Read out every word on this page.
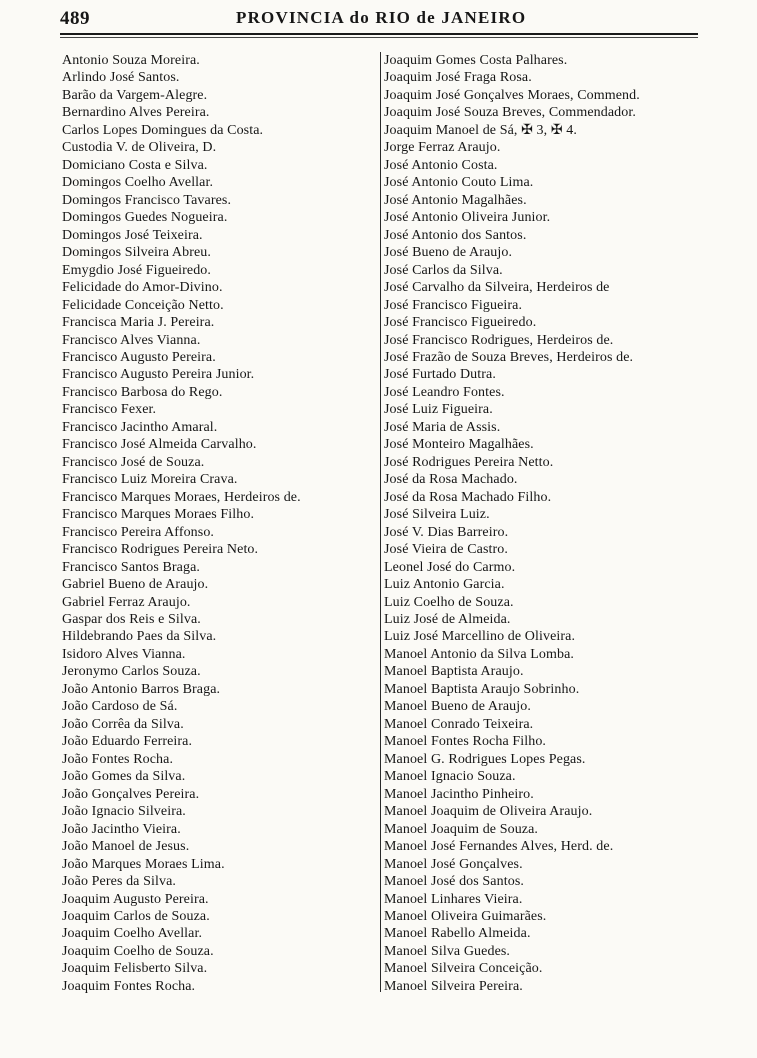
489	PROVINCIA do RIO de JANEIRO
Antonio Souza Moreira.
Arlindo José Santos.
Barão da Vargem-Alegre.
Bernardino Alves Pereira.
Carlos Lopes Domingues da Costa.
Custodia V. de Oliveira, D.
Domiciano Costa e Silva.
Domingos Coelho Avellar.
Domingos Francisco Tavares.
Domingos Guedes Nogueira.
Domingos José Teixeira.
Domingos Silveira Abreu.
Emygdio José Figueiredo.
Felicidade do Amor-Divino.
Felicidade Conceição Netto.
Francisca Maria J. Pereira.
Francisco Alves Vianna.
Francisco Augusto Pereira.
Francisco Augusto Pereira Junior.
Francisco Barbosa do Rego.
Francisco Fexer.
Francisco Jacintho Amaral.
Francisco José Almeida Carvalho.
Francisco José de Souza.
Francisco Luiz Moreira Crava.
Francisco Marques Moraes, Herdeiros de.
Francisco Marques Moraes Filho.
Francisco Pereira Affonso.
Francisco Rodrigues Pereira Neto.
Francisco Santos Braga.
Gabriel Bueno de Araujo.
Gabriel Ferraz Araujo.
Gaspar dos Reis e Silva.
Hildebrando Paes da Silva.
Isidoro Alves Vianna.
Jeronymo Carlos Souza.
João Antonio Barros Braga.
João Cardoso de Sá.
João Corrêa da Silva.
João Eduardo Ferreira.
João Fontes Rocha.
João Gomes da Silva.
João Gonçalves Pereira.
João Ignacio Silveira.
João Jacintho Vieira.
João Manoel de Jesus.
João Marques Moraes Lima.
João Peres da Silva.
Joaquim Augusto Pereira.
Joaquim Carlos de Souza.
Joaquim Coelho Avellar.
Joaquim Coelho de Souza.
Joaquim Felisberto Silva.
Joaquim Fontes Rocha.
Joaquim Gomes Costa Palhares.
Joaquim José Fraga Rosa.
Joaquim José Gonçalves Moraes, Commend.
Joaquim José Souza Breves, Commendador.
Joaquim Manoel de Sá, ✠ 3, ✠ 4.
Jorge Ferraz Araujo.
José Antonio Costa.
José Antonio Couto Lima.
José Antonio Magalhães.
José Antonio Oliveira Junior.
José Antonio dos Santos.
José Bueno de Araujo.
José Carlos da Silva.
José Carvalho da Silveira, Herdeiros de
José Francisco Figueira.
José Francisco Figueiredo.
José Francisco Rodrigues, Herdeiros de.
José Frazão de Souza Breves, Herdeiros de.
José Furtado Dutra.
José Leandro Fontes.
José Luiz Figueira.
José Maria de Assis.
José Monteiro Magalhães.
José Rodrigues Pereira Netto.
José da Rosa Machado.
José da Rosa Machado Filho.
José Silveira Luiz.
José V. Dias Barreiro.
José Vieira de Castro.
Leonel José do Carmo.
Luiz Antonio Garcia.
Luiz Coelho de Souza.
Luiz José de Almeida.
Luiz José Marcellino de Oliveira.
Manoel Antonio da Silva Lomba.
Manoel Baptista Araujo.
Manoel Baptista Araujo Sobrinho.
Manoel Bueno de Araujo.
Manoel Conrado Teixeira.
Manoel Fontes Rocha Filho.
Manoel G. Rodrigues Lopes Pegas.
Manoel Ignacio Souza.
Manoel Jacintho Pinheiro.
Manoel Joaquim de Oliveira Araujo.
Manoel Joaquim de Souza.
Manoel José Fernandes Alves, Herd. de.
Manoel José Gonçalves.
Manoel José dos Santos.
Manoel Linhares Vieira.
Manoel Oliveira Guimarães.
Manoel Rabello Almeida.
Manoel Silva Guedes.
Manoel Silveira Conceição.
Manoel Silveira Pereira.
